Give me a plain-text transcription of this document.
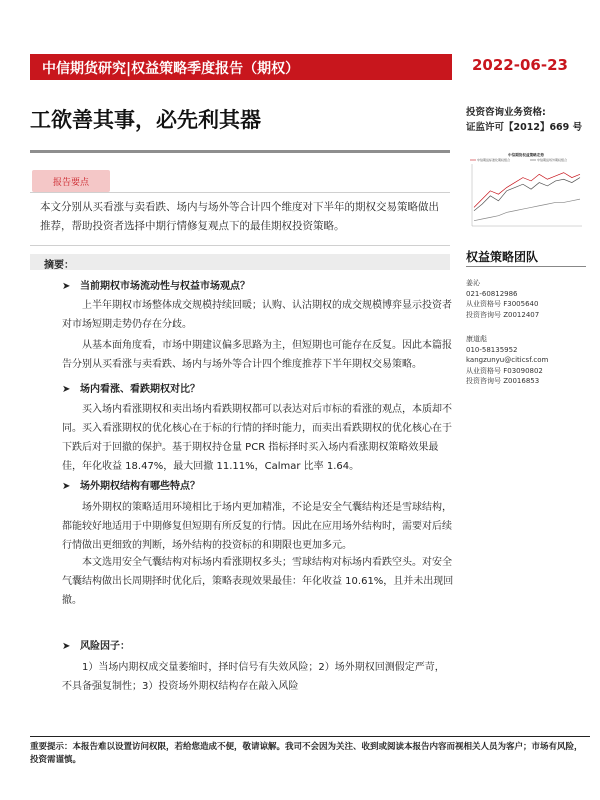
中信期货研究|权益策略季度报告（期权）	2022-06-23
工欲善其事，必先利其器	投资咨询业务资格:
证监许可【2012】669 号
报告要点

本文分别从买看涨与卖看跌、场内与场外等合计四个维度对下半年的期权交易策略做出推荐，帮助投资者选择中期行情修复观点下的最佳期权投资策略。

中信期货权益策略走势
中信期货标准化期权组合	中信期货场外期权组合
权益策略团队
姜沁
021-60812986
从业资格号 F3005640
投资咨询号 Z0012407
康道彪
010-58135952
kangzunyu@citicsf.com
从业资格号 F03090802
投资咨询号 Z0016853
摘要：
➤ 当前期权市场流动性与权益市场观点？

上半年期权市场整体成交规模持续回暖；认购、认沽期权的成交规模博弈显示投资者对市场短期走势仍存在分歧。

从基本面角度看，市场中期建议偏多思路为主，但短期也可能存在反复。因此本篇报告分别从买看涨与卖看跌、场内与场外等合计四个维度推荐下半年期权交易策略。

➤ 场内看涨、看跌期权对比？

买入场内看涨期权和卖出场内看跌期权都可以表达对后市标的看涨的观点，本质却不同。买入看涨期权的优化核心在于标的行情的择时能力，而卖出看跌期权的优化核心在于下跌后对于回撤的保护。基于期权持仓量 PCR 指标择时买入场内看涨期权策略效果最佳，年化收益 18.47%，最大回撤 11.11%，Calmar 比率 1.64。

➤ 场外期权结构有哪些特点？

场外期权的策略适用环境相比于场内更加精准，不论是安全气囊结构还是雪球结构，都能较好地适用于中期修复但短期有所反复的行情。因此在应用场外结构时，需要对后续行情做出更细致的判断，场外结构的投资标的和期限也更加多元。

本文选用安全气囊结构对标场内看涨期权多头；雪球结构对标场内看跌空头。对安全气囊结构做出长周期择时优化后，策略表现效果最佳：年化收益 10.61%，且并未出现回撤。

➤ 风险因子：

1）当场内期权成交量萎缩时，择时信号有失效风险；2）场外期权回测假定严苛，不具备强复制性；3）投资场外期权结构存在敲入风险

重要提示：本报告难以设置访问权限，若给您造成不便，敬请谅解。我司不会因为关注、收到或阅读本报告内容而视相关人员为客户；市场有风险，投资需谨慎。
